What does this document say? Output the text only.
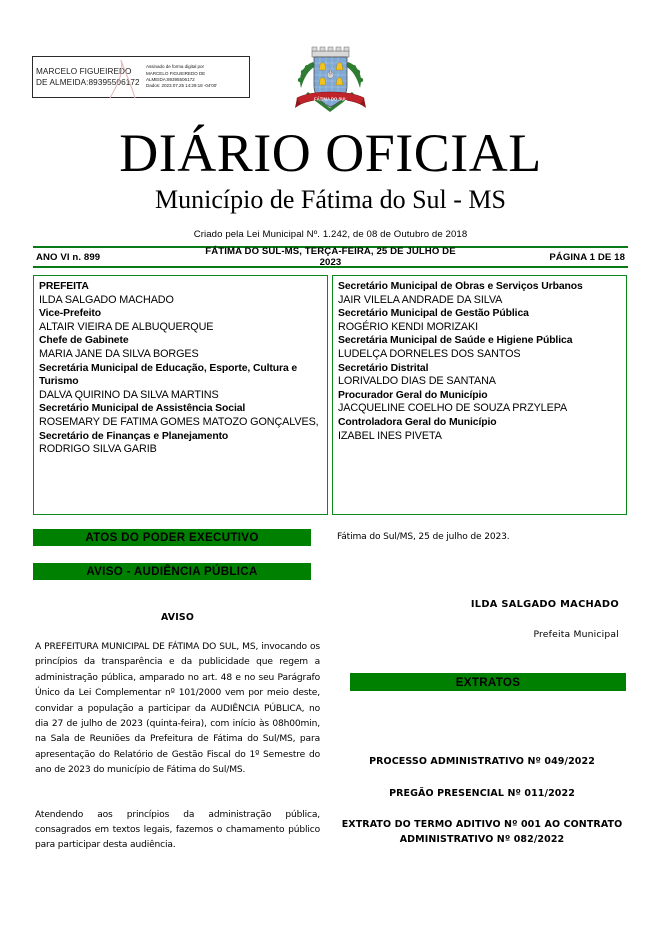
MARCELO FIGUEIREDO DE ALMEIDA:89395506172
Assinado de forma digital por
MARCELO FIGUEIREDO DE
ALMEIDA:89395506172
Dados: 2023.07.25 14:29:18 -04'00'
FÁTIMA DO SUL
DIÁRIO OFICIAL
Município de Fátima do Sul - MS
Criado pela Lei Municipal Nº. 1.242, de 08 de Outubro de 2018
ANO VI n. 899	FÁTIMA DO SUL-MS, TERÇA-FEIRA, 25 DE JULHO DE 2023	PÁGINA 1 DE 18
PREFEITA
ILDA SALGADO MACHADO
Vice-Prefeito
ALTAIR VIEIRA DE ALBUQUERQUE
Chefe de Gabinete
MARIA JANE DA SILVA BORGES
Secretária Municipal de Educação, Esporte, Cultura e Turismo
DALVA QUIRINO DA SILVA MARTINS
Secretário Municipal de Assistência Social
ROSEMARY DE FATIMA GOMES MATOZO GONÇALVES,
Secretário de Finanças e Planejamento
RODRIGO SILVA GARIB
Secretário Municipal de Obras e Serviços Urbanos
JAIR VILELA ANDRADE DA SILVA
Secretário Municipal de Gestão Pública
ROGÉRIO KENDI MORIZAKI
Secretária Municipal de Saúde e Higiene Pública
LUDELÇA DORNELES DOS SANTOS
Secretário Distrital
LORIVALDO DIAS DE SANTANA
Procurador Geral do Município
JACQUELINE COELHO DE SOUZA PRZYLEPA
Controladora Geral do Município
IZABEL INES PIVETA
ATOS DO PODER EXECUTIVO
AVISO - AUDIÊNCIA PÚBLICA
EXTRATOS
AVISO
A PREFEITURA MUNICIPAL DE FÁTIMA DO SUL, MS, invocando os princípios da transparência e da publicidade que regem a administração pública, amparado no art. 48 e no seu Parágrafo Único da Lei Complementar nº 101/2000 vem por meio deste, convidar a população a participar da AUDIÊNCIA PÚBLICA, no dia 27 de julho de 2023 (quinta-feira), com início às 08h00min, na Sala de Reuniões da Prefeitura de Fátima do Sul/MS, para apresentação do Relatório de Gestão Fiscal do 1º Semestre do ano de 2023 do município de Fátima do Sul/MS.
Atendendo aos princípios da administração pública, consagrados em textos legais, fazemos o chamamento público para participar desta audiência.
Fátima do Sul/MS, 25 de julho de 2023.
ILDA SALGADO MACHADO
Prefeita Municipal
PROCESSO ADMINISTRATIVO Nº 049/2022
PREGÃO PRESENCIAL Nº 011/2022
EXTRATO DO TERMO ADITIVO Nº 001 AO CONTRATO ADMINISTRATIVO Nº 082/2022
